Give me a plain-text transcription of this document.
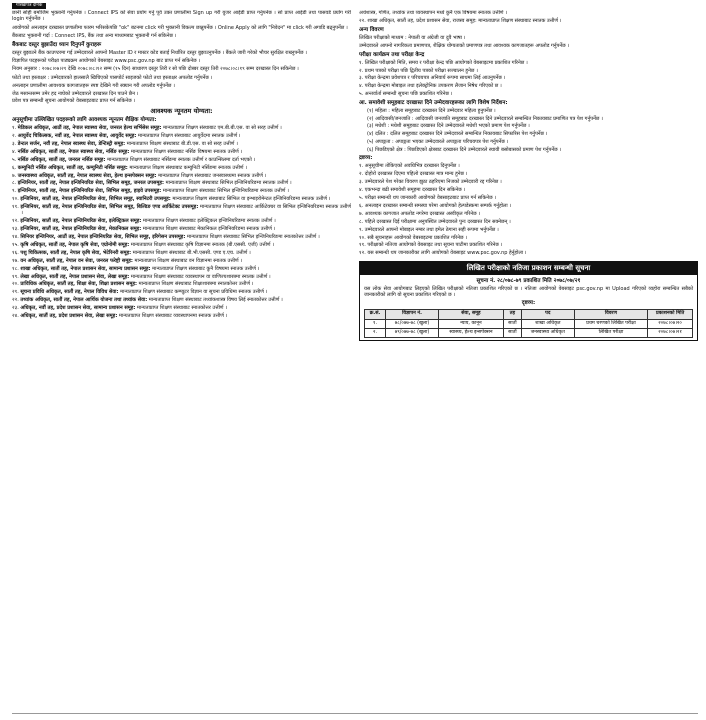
गोरखापत्र दैनिक

छानी सोही बमोजिम भुक्तानी गर्नुपर्नेछ । Connect IPS को सेवा प्रयोग गर्नु पूर्व उक्त प्रणालीमा Sign up गरी युजर आईडी प्राप्त गर्नुपर्नेछ । सो प्राप्त आईडी तथा पासवर्ड प्रयोग गरी login गर्नुपर्नेछ ।

आयोगको अनलाइन दरखास्त प्रणालीमा फारम भरिसकेपछि "ok" बटनमा click गरी भुक्तानी विकल्प छान्नुपर्नेछ । Online Apply को लागि "निवेदन" मा click गरी अगाडि बढ्नुपर्नेछ ।

बैंकबाट भुक्तानी गर्दा : Connect IPS, बैंक तथा अन्य माध्यमबाट भुक्तानी गर्न सकिनेछ ।

बैंकबाट दस्तुर बुझाउँदा ध्यान दिनुपर्ने कुराहरू

दस्तुर बुझाउने बैंक काउण्टरमा गई उम्मेदवारले आफ्नो Master ID र मास्टर कोड बताई निर्धारित दस्तुर बुझाउनुपर्नेछ । बैंकले जारी गरेको भौचर सुरक्षित राख्नुपर्नेछ ।

विज्ञापित पदहरूको परीक्षा पाठ्यक्रम आयोगको वेबसाइट www.psc.gov.np बाट प्राप्त गर्न सकिनेछ ।

नियम अनुसार : २०७८।०७।२१ देखि २०७८।०८।१२ सम्म (१५ दिन) साधारण दस्तुर तिरी र सो पछि दोब्बर दस्तुर तिरी २०७८।०८।१९ सम्म दरखास्त दिन सकिनेछ ।

फोटो तथा हस्ताक्षर : उम्मेदवारको हालसालै खिचिएको पासपोर्ट साइजको फोटो तथा हस्ताक्षर अपलोड गर्नुपर्नेछ ।

अनलाइन प्रणालीमा आवश्यक कागजातहरू स्पष्ट देखिने गरी स्क्यान गरी अपलोड गर्नुपर्नेछ ।

जेठ मसान्तसम्म उमेर हद नाघेको उम्मेदवारले दरखास्त दिन पाउने छैन ।

प्रवेश पत्र सम्बन्धी सूचना आयोगको वेबसाइटबाट प्राप्त गर्न सकिनेछ ।

आवश्यक न्यूनतम योग्यता:
अनुसूचीमा उल्लिखित पदहरूको लागि आवश्यक न्यूनतम शैक्षिक योग्यता:

१. मेडिकल अधिकृत, आठौं तह, नेपाल स्वास्थ्य सेवा, जनरल हेल्थ सर्भिसेस समूह: मान्यताप्राप्त शिक्षण संस्थाबाट एम.बी.बी.एस. वा सो सरह उत्तीर्ण ।

२. आयुर्वेद चिकित्सक, नवौं तह, नेपाल स्वास्थ्य सेवा, आयुर्वेद समूह: मान्यताप्राप्त शिक्षण संस्थाबाट आयुर्वेदमा स्नातक उत्तीर्ण ।

३. डेन्टल सर्जन, नवौं तह, नेपाल स्वास्थ्य सेवा, डेन्टिस्ट्री समूह: मान्यताप्राप्त शिक्षण संस्थाबाट बी.डी.एस. वा सो सरह उत्तीर्ण ।

४. नर्सिङ अधिकृत, सातौं तह, नेपाल स्वास्थ्य सेवा, नर्सिङ समूह: मान्यताप्राप्त शिक्षण संस्थाबाट नर्सिङ विषयमा स्नातक उत्तीर्ण ।

५. नर्सिङ अधिकृत, सातौं तह, जनरल नर्सिङ समूह: मान्यताप्राप्त शिक्षण संस्थाबाट नर्सिङमा स्नातक उत्तीर्ण र काउन्सिलमा दर्ता भएको ।

६. कम्युनिटी नर्सिङ अधिकृत, सातौं तह, कम्युनिटी नर्सिङ समूह: मान्यताप्राप्त शिक्षण संस्थाबाट कम्युनिटी नर्सिङमा स्नातक उत्तीर्ण ।

७. जनस्वास्थ्य अधिकृत, सातौं तह, नेपाल स्वास्थ्य सेवा, हेल्थ इन्सपेक्सन समूह: मान्यताप्राप्त शिक्षण संस्थाबाट जनस्वास्थ्यमा स्नातक उत्तीर्ण ।

८. इन्जिनियर, सातौं तह, नेपाल इन्जिनियरिङ सेवा, सिभिल समूह, जनरल उपसमूह: मान्यताप्राप्त शिक्षण संस्थाबाट सिभिल इन्जिनियरिङमा स्नातक उत्तीर्ण ।

९. इन्जिनियर, सातौं तह, नेपाल इन्जिनियरिङ सेवा, सिभिल समूह, हाइवे उपसमूह: मान्यताप्राप्त शिक्षण संस्थाबाट सिभिल इन्जिनियरिङमा स्नातक उत्तीर्ण ।

१०. इन्जिनियर, सातौं तह, नेपाल इन्जिनियरिङ सेवा, सिभिल समूह, स्यानिटरी उपसमूह: मान्यताप्राप्त शिक्षण संस्थाबाट सिभिल वा इन्भाइरोमेन्टल इन्जिनियरिङमा स्नातक उत्तीर्ण ।

११. इन्जिनियर, सातौं तह, नेपाल इन्जिनियरिङ सेवा, सिभिल समूह, बिल्डिङ एण्ड आर्किटेक्ट उपसमूह: मान्यताप्राप्त शिक्षण संस्थाबाट आर्किटेक्चर वा सिभिल इन्जिनियरिङमा स्नातक उत्तीर्ण ।

१२. इन्जिनियर, सातौं तह, नेपाल इन्जिनियरिङ सेवा, इलेक्ट्रिकल समूह: मान्यताप्राप्त शिक्षण संस्थाबाट इलेक्ट्रिकल इन्जिनियरिङमा स्नातक उत्तीर्ण ।

१३. इन्जिनियर, सातौं तह, नेपाल इन्जिनियरिङ सेवा, मेकानिकल समूह: मान्यताप्राप्त शिक्षण संस्थाबाट मेकानिकल इन्जिनियरिङमा स्नातक उत्तीर्ण ।

१४. सिनियर इन्जिनियर, आठौं तह, नेपाल इन्जिनियरिङ सेवा, सिभिल समूह, इरिगेसन उपसमूह: मान्यताप्राप्त शिक्षण संस्थाबाट सिभिल इन्जिनियरिङमा स्नातकोत्तर उत्तीर्ण ।

१५. कृषि अधिकृत, सातौं तह, नेपाल कृषि सेवा, एग्रोनोमी समूह: मान्यताप्राप्त शिक्षण संस्थाबाट कृषि विज्ञानमा स्नातक (बी.एससी. एजी) उत्तीर्ण ।

१६. पशु चिकित्सक, सातौं तह, नेपाल कृषि सेवा, भेटेरिनरी समूह: मान्यताप्राप्त शिक्षण संस्थाबाट बी.भी.एससी. एण्ड ए.एच. उत्तीर्ण ।

१७. वन अधिकृत, सातौं तह, नेपाल वन सेवा, जनरल फरेष्ट्री समूह: मान्यताप्राप्त शिक्षण संस्थाबाट वन विज्ञानमा स्नातक उत्तीर्ण ।

१८. शाखा अधिकृत, सातौं तह, नेपाल प्रशासन सेवा, सामान्य प्रशासन समूह: मान्यताप्राप्त शिक्षण संस्थाबाट कुनै विषयमा स्नातक उत्तीर्ण ।

१९. लेखा अधिकृत, सातौं तह, नेपाल प्रशासन सेवा, लेखा समूह: मान्यताप्राप्त शिक्षण संस्थाबाट व्यवस्थापन वा वाणिज्यशास्त्रमा स्नातक उत्तीर्ण ।

२०. प्राविधिक अधिकृत, सातौं तह, शिक्षा सेवा, शिक्षा प्रशासन समूह: मान्यताप्राप्त शिक्षण संस्थाबाट शिक्षाशास्त्रमा स्नातकोत्तर उत्तीर्ण ।

२१. सूचना प्रविधि अधिकृत, सातौं तह, नेपाल विविध सेवा: मान्यताप्राप्त शिक्षण संस्थाबाट कम्प्युटर विज्ञान वा सूचना प्रविधिमा स्नातक उत्तीर्ण ।

२२. तथ्यांक अधिकृत, सातौं तह, नेपाल आर्थिक योजना तथा तथ्यांक सेवा: मान्यताप्राप्त शिक्षण संस्थाबाट तथ्यांकशास्त्र विषय लिई स्नातकोत्तर उत्तीर्ण ।

२३. अधिकृत, नवौं तह, प्रदेश प्रशासन सेवा, सामान्य प्रशासन समूह: मान्यताप्राप्त शिक्षण संस्थाबाट स्नातकोत्तर उत्तीर्ण ।

२४. अधिकृत, सातौं तह, प्रदेश प्रशासन सेवा, लेखा समूह: मान्यताप्राप्त शिक्षण संस्थाबाट व्यवस्थापनमा स्नातक उत्तीर्ण ।

अर्थशास्त्र, गणित, तथ्यांक तथा व्यवस्थापन मध्ये कुनै एक विषयमा स्नातक उत्तीर्ण ।

२२. शाखा अधिकृत, सातौं तह, प्रदेश प्रशासन सेवा, राजस्व समूह: मान्यताप्राप्त शिक्षण संस्थाबाट स्नातक उत्तीर्ण ।

अन्य विवरण

लिखित परीक्षाको माध्यम : नेपाली वा अंग्रेजी वा दुवै भाषा ।

उम्मेदवारले आफ्नो नागरिकता प्रमाणपत्र, शैक्षिक योग्यताको प्रमाणपत्र तथा आवश्यक कागजातहरू अपलोड गर्नुपर्नेछ ।

परीक्षा कार्यक्रम तथा परीक्षा केन्द्र

१. लिखित परीक्षाको मिति, समय र परीक्षा केन्द्र पछि आयोगको वेबसाइटमा प्रकाशित गरिनेछ ।

२. प्रथम पत्रको परीक्षा पछि द्वितीय पत्रको परीक्षा सञ्चालन हुनेछ ।

३. परीक्षा केन्द्रमा प्रवेशपत्र र परिचयपत्र अनिवार्य रूपमा साथमा लिई आउनुपर्नेछ ।

४. परीक्षा केन्द्रमा मोबाइल तथा इलेक्ट्रोनिक उपकरण लैजान निषेध गरिएको छ ।

५. अन्तर्वार्ता सम्बन्धी सूचना पछि प्रकाशित गरिनेछ ।

आ. समावेशी समूहबाट दरखास्त दिने उम्मेदवारहरूका लागि विशेष निर्देशन:

(१) महिला : महिला समूहबाट दरखास्त दिने उम्मेदवार महिला हुनुपर्नेछ ।

(२) आदिवासी/जनजाति : आदिवासी जनजाति समूहबाट दरखास्त दिने उम्मेदवारले सम्बन्धित निकायबाट प्रमाणित पत्र पेश गर्नुपर्नेछ ।

(३) मधेशी : मधेशी समूहबाट दरखास्त दिने उम्मेदवारले मधेशी भएको प्रमाण पेश गर्नुपर्नेछ ।

(४) दलित : दलित समूहबाट दरखास्त दिने उम्मेदवारले सम्बन्धित निकायबाट सिफारिस पेश गर्नुपर्नेछ ।

(५) अपाङ्गता : अपाङ्गता भएका उम्मेदवारले अपाङ्गता परिचयपत्र पेश गर्नुपर्नेछ ।

(६) पिछडिएको क्षेत्र : पिछडिएको क्षेत्रबाट दरखास्त दिने उम्मेदवारले स्थायी बसोबासको प्रमाण पेश गर्नुपर्नेछ ।

द्रष्टव्य:

१. अनुसूचीमा तोकिएको अवधिभित्र दरखास्त दिनुपर्नेछ ।

२. दोहोरो दरखास्त दिएमा पहिलो दरखास्त मात्र मान्य हुनेछ ।

३. उम्मेदवारले पेश गरेका विवरण झुठा ठहरिएमा निजको उम्मेदवारी रद्द गरिनेछ ।

४. एकभन्दा बढी समावेशी समूहमा दरखास्त दिन सकिनेछ ।

५. परीक्षा सम्बन्धी थप जानकारी आयोगको वेबसाइटबाट प्राप्त गर्न सकिनेछ ।

६. अनलाइन दरखास्त सम्बन्धी समस्या परेमा आयोगको हेल्पडेस्कमा सम्पर्क गर्नुहोला ।

७. आवश्यक कागजात अपलोड नगरेमा दरखास्त अस्वीकृत गरिनेछ ।

८. पहिले दरखास्त दिई परीक्षामा अनुपस्थित उम्मेदवारले पुनः दरखास्त दिन सक्नेछन् ।

९. उम्मेदवारले आफ्नो मोबाइल नम्बर तथा इमेल ठेगाना सही रूपमा भर्नुपर्नेछ ।

१०. सबै सूचनाहरू आयोगको वेबसाइटमा प्रकाशित गरिनेछ ।

११. परीक्षाको नतिजा आयोगको वेबसाइट तथा सूचना पाटीमा प्रकाशित गरिनेछ ।

१२. यस सम्बन्धी थप जानकारीका लागि आयोगको वेबसाइट www.psc.gov.np हेर्नुहोला ।

लिखित परीक्षाको नतिजा प्रकाशन सम्बन्धी सूचना
सूचना नं. २८/०७८-७९ प्रकाशित मिति २०७८/०७/२१

यस लोक सेवा आयोगबाट लिइएको लिखित परीक्षाको नतिजा प्रकाशित गरिएको छ । नतिजा आयोगको वेबसाइट psc.gov.np मा Upload गरिएको व्यहोरा सम्बन्धित सबैको जानकारीको लागि यो सूचना प्रकाशित गरिएको छ ।

दृष्टव्य:
क्र.सं.	विज्ञापन नं.	सेवा, समूह	तह	पद	विवरण	प्रकाशनको मिति
१.	७८/०७७-७८ (खुला)	न्याय, कानून	सातौं	शाखा अधिकृत	प्रथम चरणको लिखित परीक्षा	२०७८।०७।२०
२.	७९/०७७-७८ (खुला)	स्वास्थ्य, हेल्थ इन्सपेक्सन	सातौं	जनस्वास्थ्य अधिकृत	लिखित परीक्षा	२०७८।०७।२१
